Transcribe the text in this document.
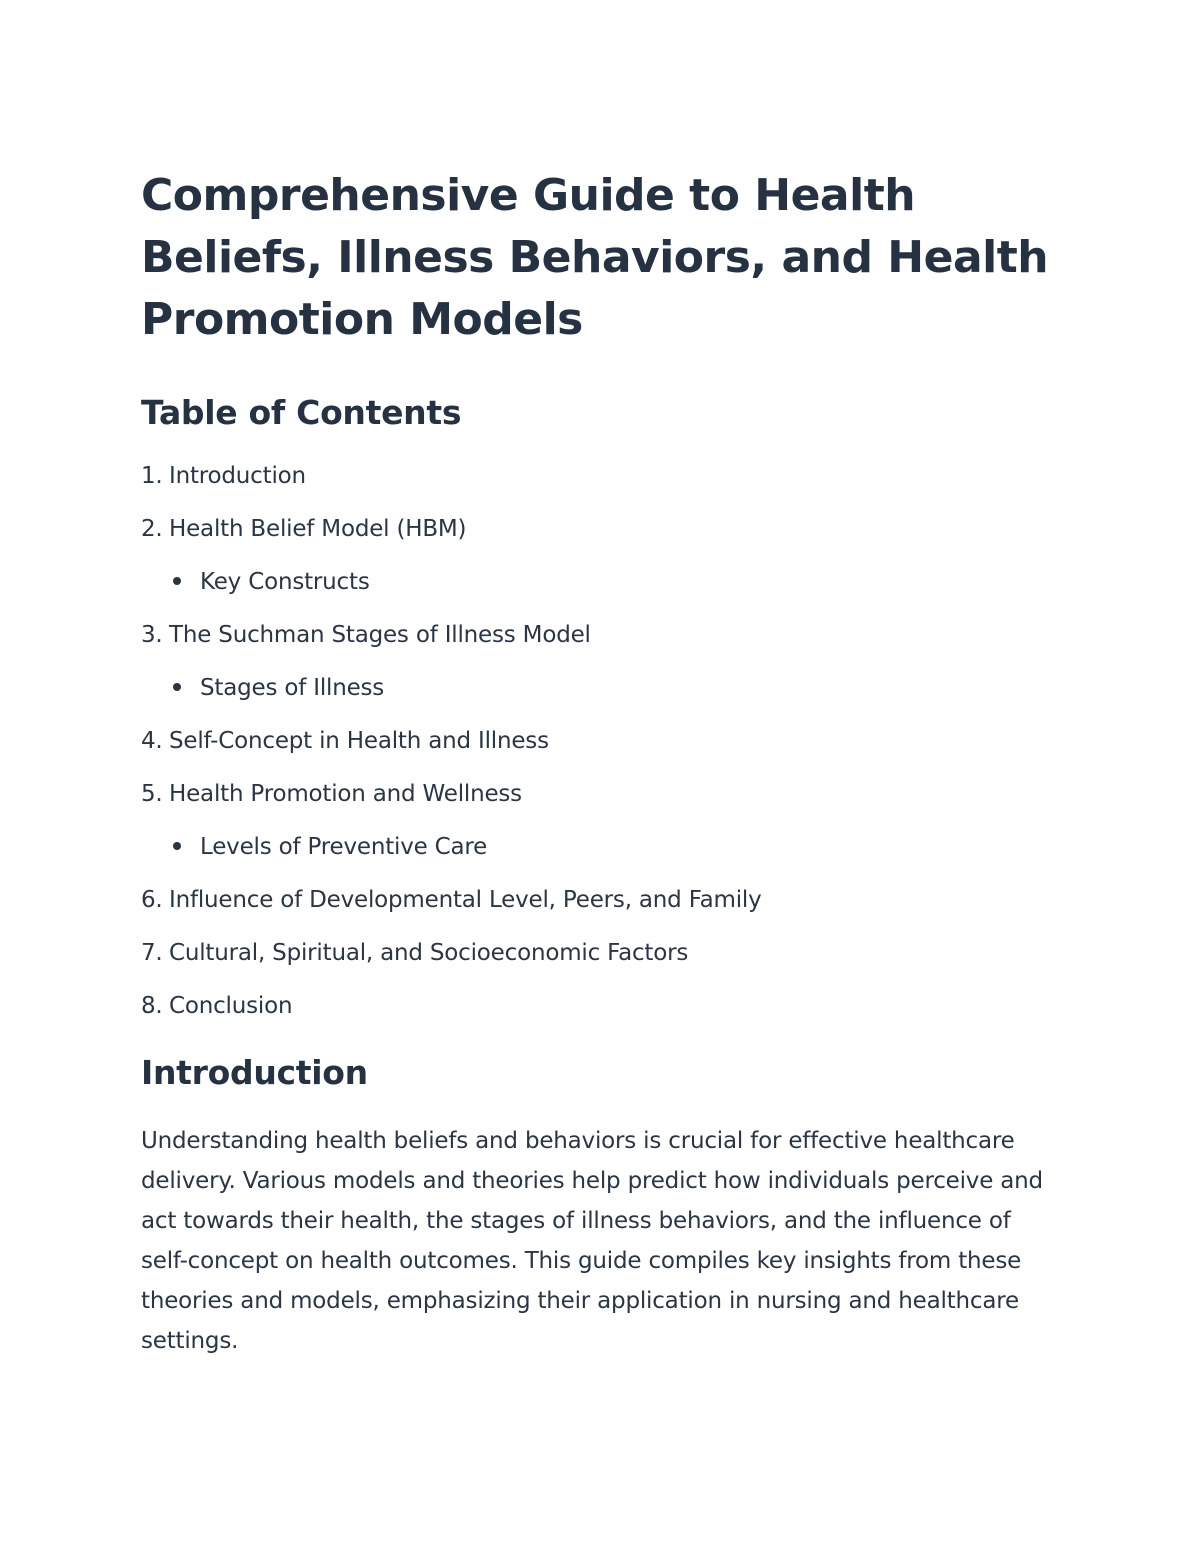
Comprehensive Guide to Health Beliefs, Illness Behaviors, and Health Promotion Models
Table of Contents
1. Introduction
2. Health Belief Model (HBM)
Key Constructs
3. The Suchman Stages of Illness Model
Stages of Illness
4. Self-Concept in Health and Illness
5. Health Promotion and Wellness
Levels of Preventive Care
6. Influence of Developmental Level, Peers, and Family
7. Cultural, Spiritual, and Socioeconomic Factors
8. Conclusion
Introduction

Understanding health beliefs and behaviors is crucial for effective healthcare delivery. Various models and theories help predict how individuals perceive and act towards their health, the stages of illness behaviors, and the influence of self-concept on health outcomes. This guide compiles key insights from these theories and models, emphasizing their application in nursing and healthcare settings.
